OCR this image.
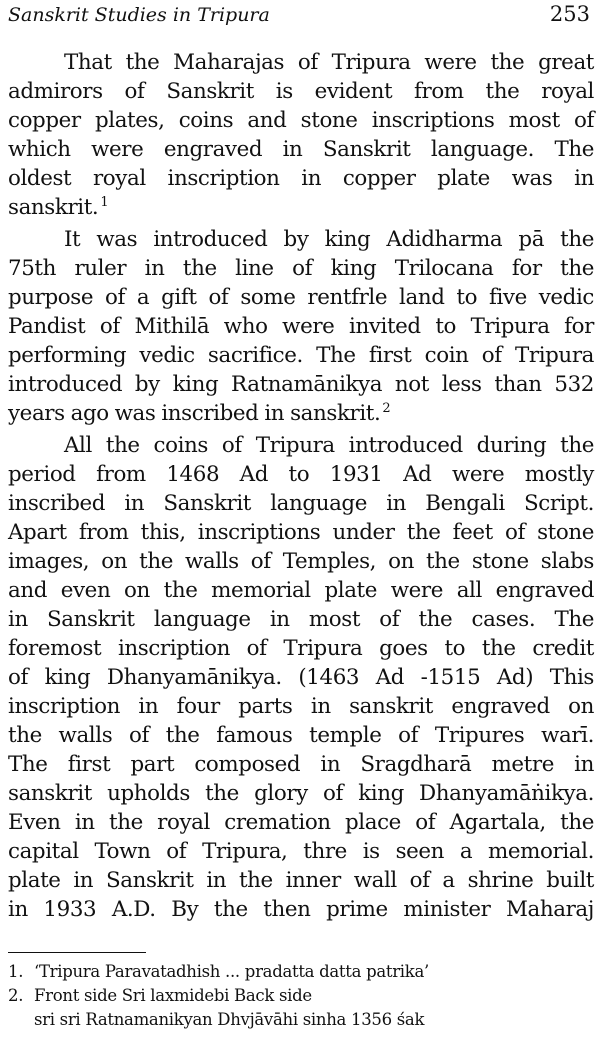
Sanskrit Studies in Tripura	253

That the Maharajas of Tripura were the great
admirors of Sanskrit is evident from the royal
copper plates, coins and stone inscriptions most of
which were engraved in Sanskrit language. The
oldest royal inscription in copper plate was in
sanskrit. $^1$

It was introduced by king Adidharma pā the
75th ruler in the line of king Trilocana for the
purpose of a gift of some rentfrle land to five vedic
Pandist of Mithilā who were invited to Tripura for
performing vedic sacrifice. The first coin of Tripura
introduced by king Ratnamānikya not less than 532
years ago was inscribed in sanskrit. $^2$

All the coins of Tripura introduced during the
period from 1468 Ad to 1931 Ad were mostly
inscribed in Sanskrit language in Bengali Script.
Apart from this, inscriptions under the feet of stone
images, on the walls of Temples, on the stone slabs
and even on the memorial plate were all engraved
in Sanskrit language in most of the cases. The
foremost inscription of Tripura goes to the credit
of king Dhanyamānikya. (1463 Ad -1515 Ad) This
inscription in four parts in sanskrit engraved on
the walls of the famous temple of Tripures warī.
The first part composed in Sragdharā metre in
sanskrit upholds the glory of king Dhanyamāṅikya.
Even in the royal cremation place of Agartala, the
capital Town of Tripura, thre is seen a memorial.
plate in Sanskrit in the inner wall of a shrine built
in 1933 A.D. By the then prime minister Maharaj

1. ‘Tripura Paravatadhish ... pradatta datta patrika’
2. Front side Sri laxmidebi Back side
sri sri Ratnamanikyan Dhvjāvāhi sinha 1356 śak
